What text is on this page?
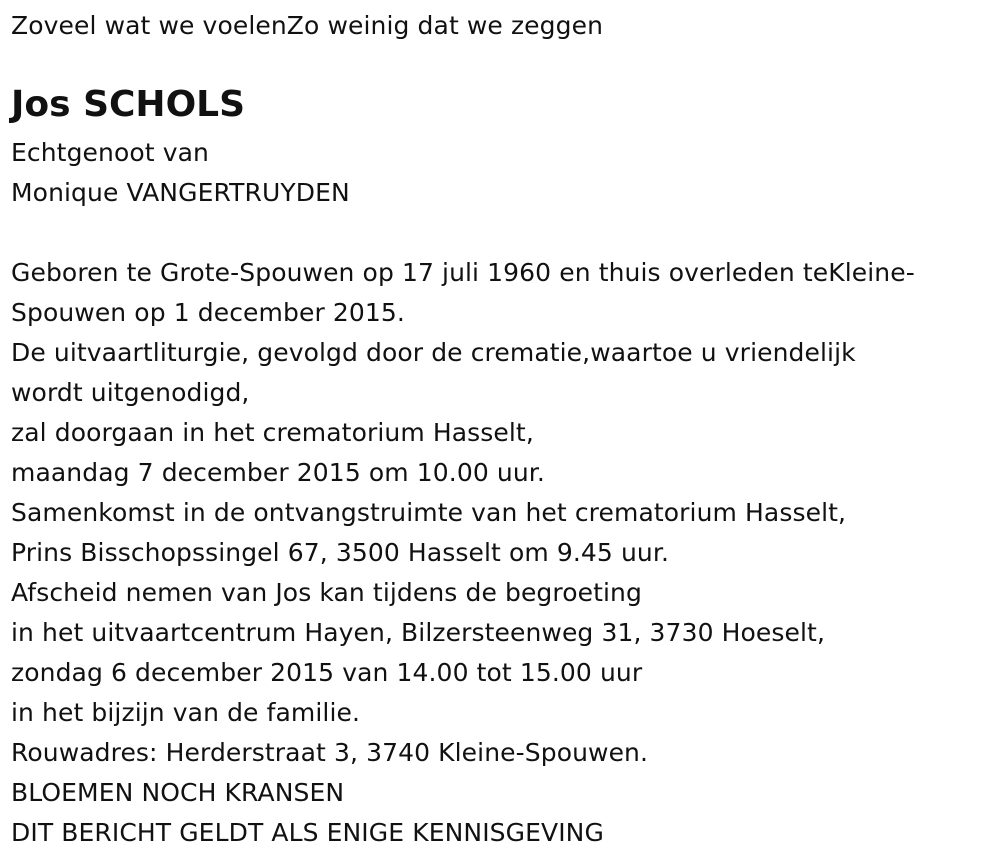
Zoveel wat we voelenZo weinig dat we zeggen
Jos SCHOLS
Echtgenoot van
Monique VANGERTRUYDEN
Geboren te Grote-Spouwen op 17 juli 1960 en thuis overleden teKleine-
Spouwen op 1 december 2015.
De uitvaartliturgie, gevolgd door de crematie,waartoe u vriendelijk
wordt uitgenodigd,
zal doorgaan in het crematorium Hasselt,
maandag 7 december 2015 om 10.00 uur.
Samenkomst in de ontvangstruimte van het crematorium Hasselt,
Prins Bisschopssingel 67, 3500 Hasselt om 9.45 uur.
Afscheid nemen van Jos kan tijdens de begroeting
in het uitvaartcentrum Hayen, Bilzersteenweg 31, 3730 Hoeselt,
zondag 6 december 2015 van 14.00 tot 15.00 uur
in het bijzijn van de familie.
Rouwadres: Herderstraat 3, 3740 Kleine-Spouwen.
BLOEMEN NOCH KRANSEN
DIT BERICHT GELDT ALS ENIGE KENNISGEVING
